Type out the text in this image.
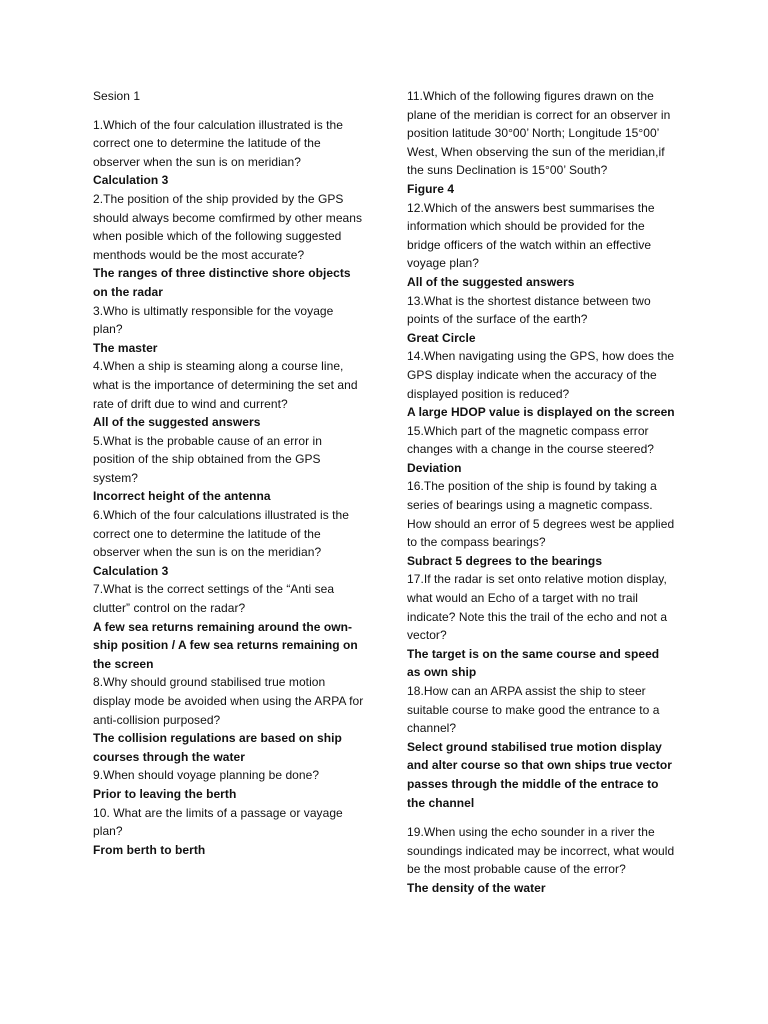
Sesion 1

1.Which of the four calculation illustrated is the correct one to determine the latitude of the observer when the sun is on meridian?

Calculation 3

2.The position of the ship provided by the GPS should always become comfirmed by other means when posible which of the following suggested menthods would be the most accurate?

The ranges of three distinctive shore objects on the radar

3.Who is ultimatly responsible for the voyage plan?

The master

4.When a ship is steaming along a course line, what is the importance of determining the set and rate of drift due to wind and current?

All of the suggested answers

5.What is the probable cause of an error in position of the ship obtained from the GPS system?

Incorrect height of the antenna

6.Which of the four calculations illustrated is the correct one to determine the latitude of the observer when the sun is on the meridian?

Calculation 3

7.What is the correct settings of the “Anti sea clutter” control on the radar?

A few sea returns remaining around the own-ship position / A few sea returns remaining on the screen

8.Why should ground stabilised true motion display mode be avoided when using the ARPA for anti-collision purposed?

The collision regulations are based on ship courses through the water

9.When should voyage planning be done?

Prior to leaving the berth

10. What are the limits of a passage or vayage plan?

From berth to berth

11.Which of the following figures drawn on the plane of the meridian is correct for an observer in position latitude 30°00’ North; Longitude 15°00’ West, When observing the sun of the meridian,if the suns Declination is 15°00’ South?

Figure 4

12.Which of the answers best summarises the information which should be provided for the bridge officers of the watch within an effective voyage plan?

All of the suggested answers

13.What is the shortest distance between two points of the surface of the earth?

Great Circle

14.When navigating using the GPS, how does the GPS display indicate when the accuracy of the displayed position is reduced?

A large HDOP value is displayed on the screen

15.Which part of the magnetic compass error changes with a change in the course steered?

Deviation

16.The position of the ship is found by taking a series of bearings using a magnetic compass. How should an error of 5 degrees west be applied to the compass bearings?

Subract 5 degrees to the bearings

17.If the radar is set onto relative motion display, what would an Echo of a target with no trail indicate? Note this the trail of the echo and not a vector?

The target is on the same course and speed as own ship

18.How can an ARPA assist the ship to steer suitable course to make good the entrance to a channel?

Select ground stabilised true motion display and alter course so that own ships true vector passes through the middle of the entrace to the channel

19.When using the echo sounder in a river the soundings indicated may be incorrect, what would be the most probable cause of the error?

The density of the water
